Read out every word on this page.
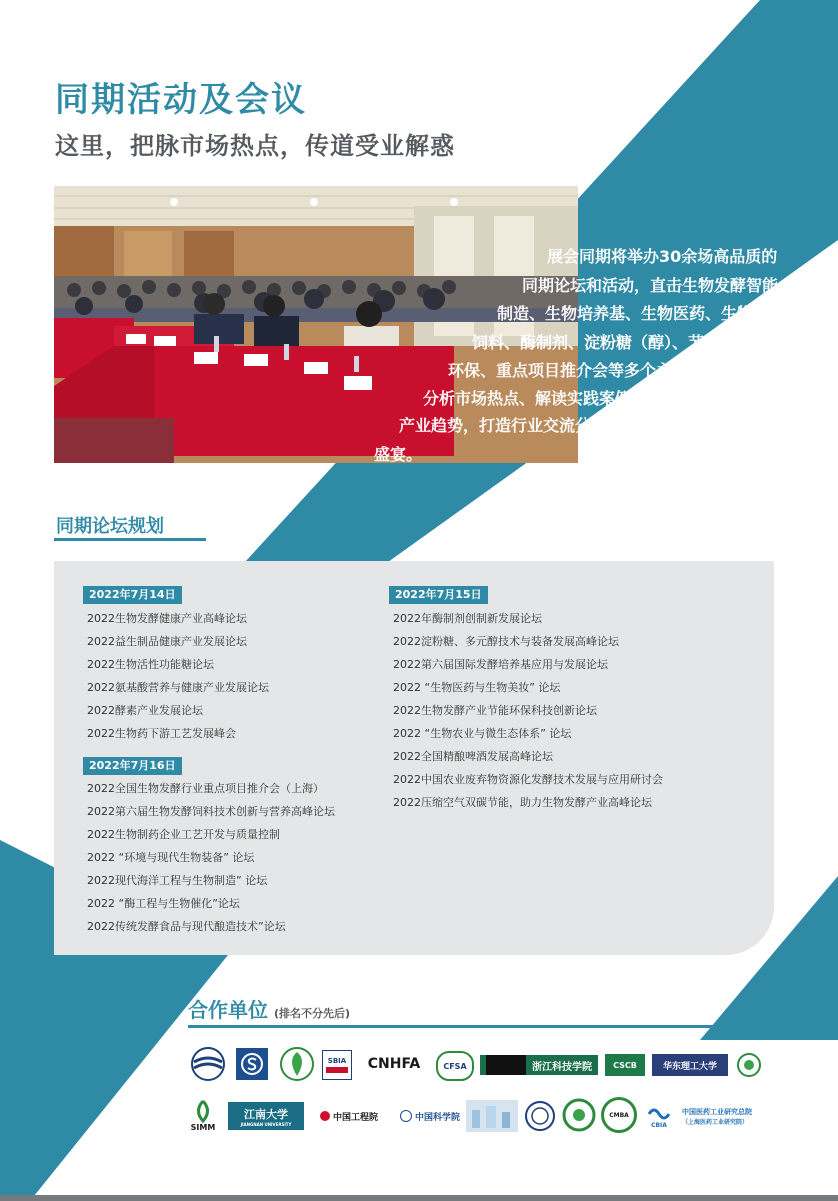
同期活动及会议
这里，把脉市场热点，传道受业解惑
展会同期将举办30余场高品质的
同期论坛和活动，直击生物发酵智能
制造、生物培养基、生物医药、生物
饲料、酶制剂、淀粉糖（醇）、节能
环保、重点项目推介会等多个主题，
分析市场热点、解读实践案例、前瞻
产业趋势，打造行业交流分享的思想
盛宴。
同期论坛规划
2022年7月14日
2022生物发酵健康产业高峰论坛
2022益生制品健康产业发展论坛
2022生物活性功能糖论坛
2022氨基酸营养与健康产业发展论坛
2022酵素产业发展论坛
2022生物药下游工艺发展峰会
2022年7月16日
2022全国生物发酵行业重点项目推介会（上海）
2022第六届生物发酵饲料技术创新与营养高峰论坛
2022生物制药企业工艺开发与质量控制
2022 “环境与现代生物装备” 论坛
2022现代海洋工程与生物制造” 论坛
2022 “酶工程与生物催化”论坛
2022传统发酵食品与现代酿造技术”论坛
2022年7月15日
2022年酶制剂创制新发展论坛
2022淀粉糖、多元醇技术与装备发展高峰论坛
2022第六届国际发酵培养基应用与发展论坛
2022 “生物医药与生物美妆” 论坛
2022生物发酵产业节能环保科技创新论坛
2022 “生物农业与微生态体系” 论坛
2022全国精酿啤酒发展高峰论坛
2022中国农业废弃物资源化发酵技术发展与应用研讨会
2022压缩空气双碳节能，助力生物发酵产业高峰论坛
合作单位 (排名不分先后)
SBIA CNHFA	CFSA	浙江科技学院	CSCB	华东理工大学
SIMM
江南大学
JIANGNAN UNIVERSITY
中国工程院	中国科学院	CMBA
CBIA
中国医药工业研究总院
（上海医药工业研究院）
